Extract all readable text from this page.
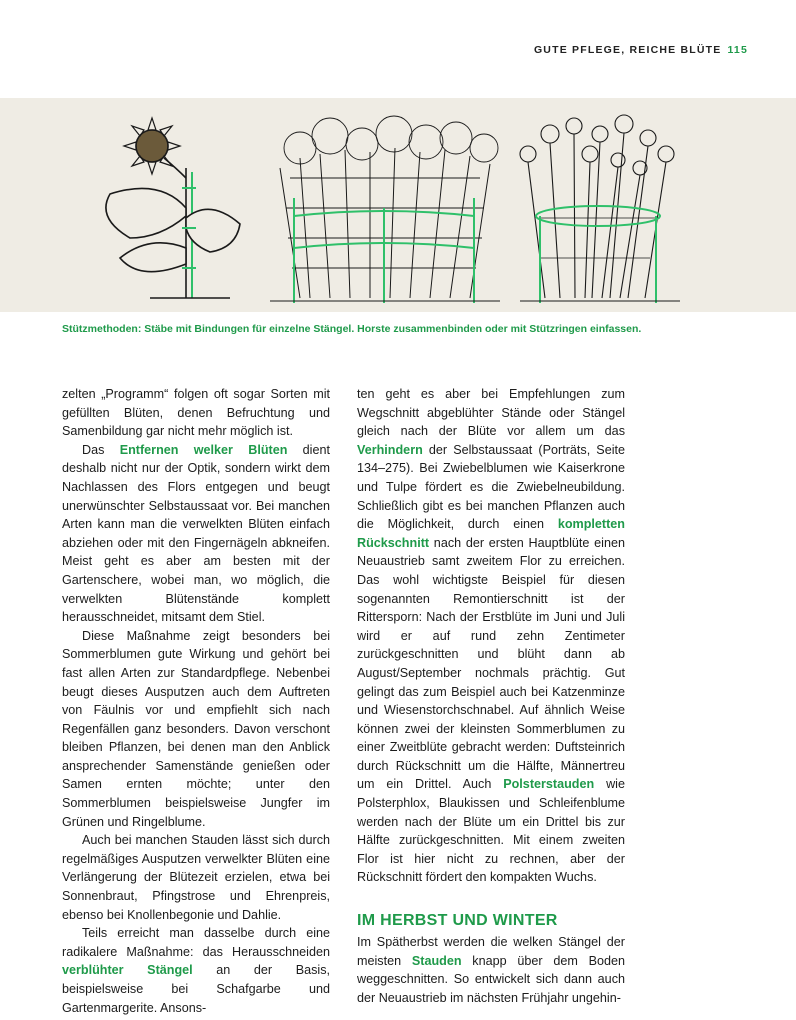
GUTE PFLEGE, REICHE BLÜTE 115
Stützmethoden: Stäbe mit Bindungen für einzelne Stängel. Horste zusammenbinden oder mit Stützringen einfassen.

zelten „Programm“ folgen oft sogar Sorten mit gefüllten Blüten, denen Befruchtung und Samenbildung gar nicht mehr möglich ist.

Das Entfernen welker Blüten dient deshalb nicht nur der Optik, sondern wirkt dem Nachlassen des Flors entgegen und beugt unerwünschter Selbstaussaat vor. Bei manchen Arten kann man die verwelkten Blüten einfach abziehen oder mit den Fingernägeln abkneifen. Meist geht es aber am besten mit der Gartenschere, wobei man, wo möglich, die verwelkten Blütenstände komplett herausschneidet, mitsamt dem Stiel.

Diese Maßnahme zeigt besonders bei Sommerblumen gute Wirkung und gehört bei fast allen Arten zur Standardpflege. Nebenbei beugt dieses Ausputzen auch dem Auftreten von Fäulnis vor und empfiehlt sich nach Regenfällen ganz besonders. Davon verschont bleiben Pflanzen, bei denen man den Anblick ansprechender Samenstände genießen oder Samen ernten möchte; unter den Sommerblumen beispielsweise Jungfer im Grünen und Ringelblume.

Auch bei manchen Stauden lässt sich durch regelmäßiges Ausputzen verwelkter Blüten eine Verlängerung der Blütezeit erzielen, etwa bei Sonnenbraut, Pfingstrose und Ehrenpreis, ebenso bei Knollenbegonie und Dahlie.

Teils erreicht man dasselbe durch eine radikalere Maßnahme: das Herausschneiden verblühter Stängel an der Basis, beispielsweise bei Schafgarbe und Gartenmargerite. Ansons-

ten geht es aber bei Empfehlungen zum Wegschnitt abgeblühter Stände oder Stängel gleich nach der Blüte vor allem um das Verhindern der Selbstaussaat (Porträts, Seite 134–275). Bei Zwiebelblumen wie Kaiserkrone und Tulpe fördert es die Zwiebelneubildung. Schließlich gibt es bei manchen Pflanzen auch die Möglichkeit, durch einen kompletten Rückschnitt nach der ersten Hauptblüte einen Neuaustrieb samt zweitem Flor zu erreichen. Das wohl wichtigste Beispiel für diesen sogenannten Remontierschnitt ist der Rittersporn: Nach der Erstblüte im Juni und Juli wird er auf rund zehn Zentimeter zurückgeschnitten und blüht dann ab August/September nochmals prächtig. Gut gelingt das zum Beispiel auch bei Katzenminze und Wiesenstorchschnabel. Auf ähnlich Weise können zwei der kleinsten Sommerblumen zu einer Zweitblüte gebracht werden: Duftsteinrich durch Rückschnitt um die Hälfte, Männertreu um ein Drittel. Auch Polsterstauden wie Polsterphlox, Blaukissen und Schleifenblume werden nach der Blüte um ein Drittel bis zur Hälfte zurückgeschnitten. Mit einem zweiten Flor ist hier nicht zu rechnen, aber der Rückschnitt fördert den kompakten Wuchs.

IM HERBST UND WINTER

Im Spätherbst werden die welken Stängel der meisten Stauden knapp über dem Boden weggeschnitten. So entwickelt sich dann auch der Neuaustrieb im nächsten Frühjahr ungehin-
